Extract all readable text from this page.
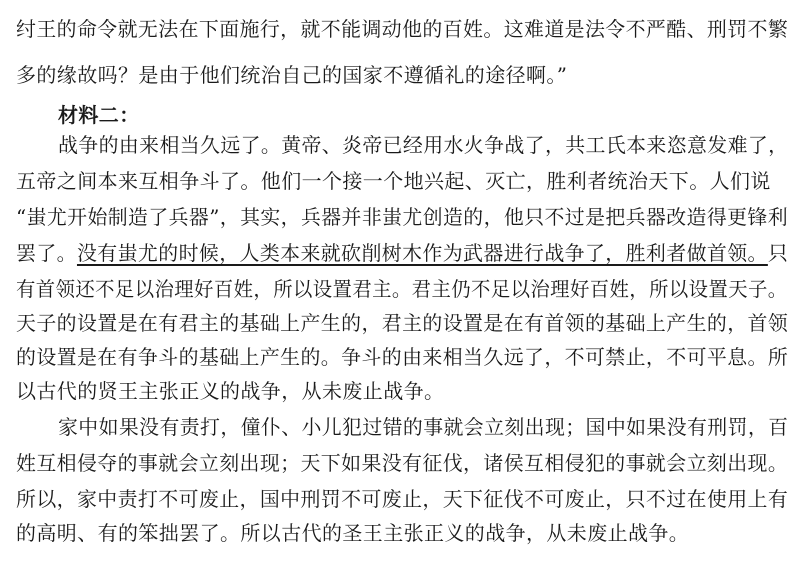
纣王的命令就无法在下面施行，就不能调动他的百姓。这难道是法令不严酷、刑罚不繁
多的缘故吗？是由于他们统治自己的国家不遵循礼的途径啊。”
材料二：
战争的由来相当久远了。黄帝、炎帝已经用水火争战了，共工氏本来恣意发难了，
五帝之间本来互相争斗了。他们一个接一个地兴起、灭亡，胜利者统治天下。人们说
“蚩尤开始制造了兵器”，其实，兵器并非蚩尤创造的，他只不过是把兵器改造得更锋利
罢了。没有蚩尤的时候，人类本来就砍削树木作为武器进行战争了，胜利者做首领。只
有首领还不足以治理好百姓，所以设置君主。君主仍不足以治理好百姓，所以设置天子。
天子的设置是在有君主的基础上产生的，君主的设置是在有首领的基础上产生的，首领
的设置是在有争斗的基础上产生的。争斗的由来相当久远了，不可禁止，不可平息。所
以古代的贤王主张正义的战争，从未废止战争。
家中如果没有责打，僮仆、小儿犯过错的事就会立刻出现；国中如果没有刑罚，百
姓互相侵夺的事就会立刻出现；天下如果没有征伐，诸侯互相侵犯的事就会立刻出现。
所以，家中责打不可废止，国中刑罚不可废止，天下征伐不可废止，只不过在使用上有
的高明、有的笨拙罢了。所以古代的圣王主张正义的战争，从未废止战争。
